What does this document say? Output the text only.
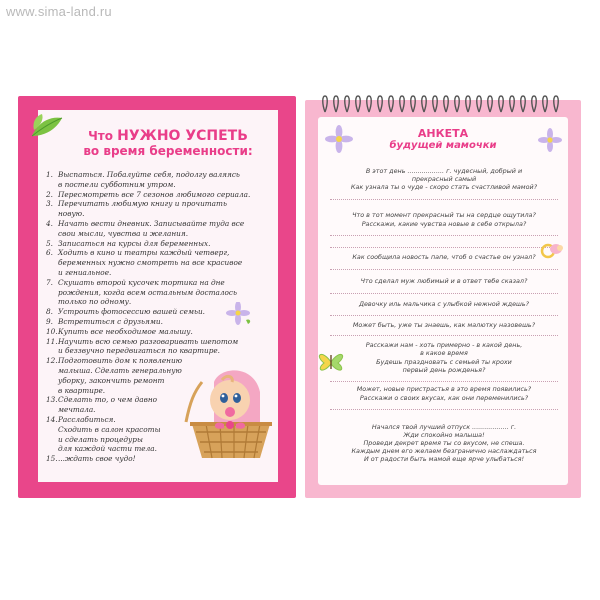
www.sima-land.ru
Что НУЖНО УСПЕТЬ
во время беременности:
1. Выспаться. Побалуйте себя, подолгу валяясь
в постели субботним утром.
2. Пересмотреть все 7 сезонов любимого сериала.
3. Перечитать любимую книгу и прочитать
новую.
4. Начать вести дневник. Записывайте туда все
свои мысли, чувства и желания.
5. Записаться на курсы для беременных.
6. Ходить в кино и театры каждый четверг,
беременных нужно смотреть на все красивое
и гениальное.
7. Скушать второй кусочек тортика на дне
рождения, когда всем остальным досталось
только по одному.
8. Устроить фотосессию вашей семьи.
9. Встретиться с друзьями.
10. Купить все необходимое малышу.
11. Научить всю семью разговаривать шепотом
и беззвучно передвигаться по квартире.
12. Подготовить дом к появлению
малыша. Сделать генеральную
уборку, закончить ремонт
в квартире.
13. Сделать то, о чем давно
мечтала.
14. Расслабиться.
Сходить в салон красоты
и сделать процедуры
для каждой части тела.
15. ...ждать свое чудо!
АНКЕТА
будущей мамочки
В этот день .................. г. чудесный, добрый и
прекрасный самый
Как узнала ты о чуде - скоро стать счастливой мамой?
Что в тот момент прекрасный ты на сердце ощутила?
Расскажи, какие чувства новые в себе открыла?
Как сообщила новость папе, чтоб о счастье он узнал?
Что сделал муж любимый и в ответ тебе сказал?
Девочку иль мальчика с улыбкой нежной ждешь?
Может быть, уже ты знаешь, как малютку назовешь?
Расскажи нам - хоть примерно - в какой день,
в какое время
Будешь праздновать с семьей ты крохи
первый день рожденья?
Может, новые пристрастья в это время появились?
Расскажи о своих вкусах, как они переменились?
Начался твой лучший отпуск .................. г.
Жди спокойно малыша!
Проведи декрет время ты со вкусом, не спеша.
Каждым днем его желаем безгранично наслаждаться
И от радости быть мамой еще ярче улыбаться!
